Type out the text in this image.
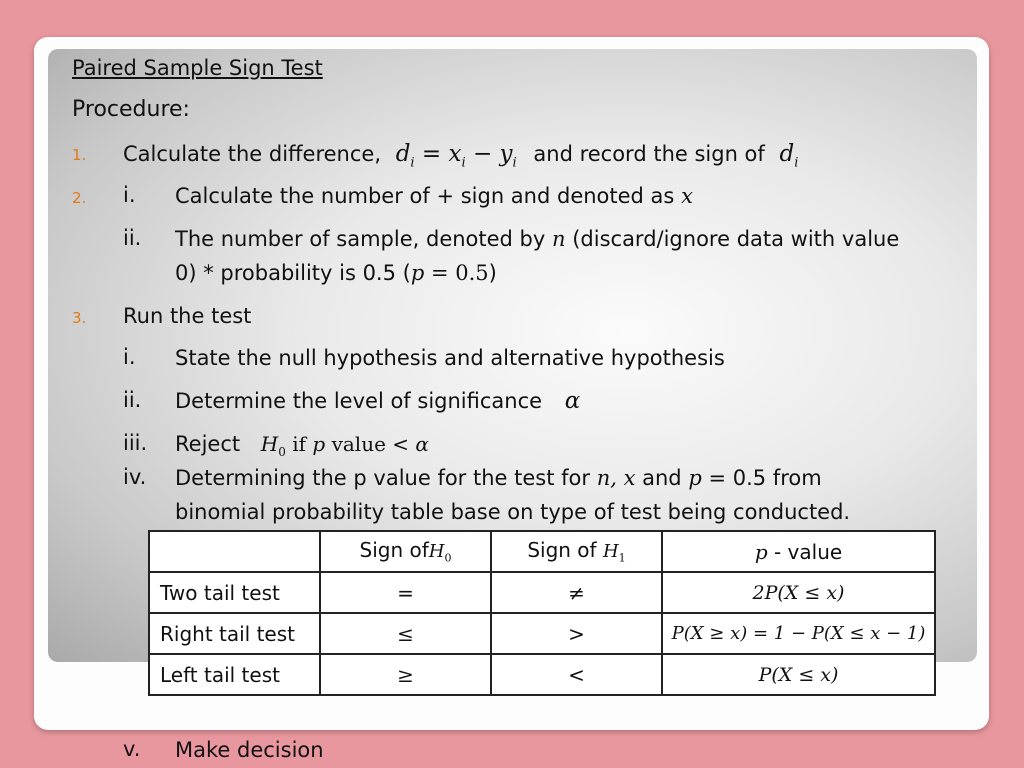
Paired Sample Sign Test
Procedure:
1. Calculate the difference, $d_i = x_i - y_i$ and record the sign of $d_i$
2. i. Calculate the number of + sign and denoted as x
ii. The number of sample, denoted by n (discard/ignore data with value
0) * probability is 0.5 (p = 0.5)
3. Run the test
i. State the null hypothesis and alternative hypothesis
ii. Determine the level of significance α
iii. Reject $H_0$ if p value < α
iv. Determining the p value for the test for n, x and p = 0.5 from
binomial probability table base on type of test being conducted.
	Sign ofH$_0$	Sign of $H_1$	p - value
Two tail test	=	≠	2P(X ≤ x)
Right tail test	≤	>	P(X ≥ x) = 1 − P(X ≤ x − 1)
Left tail test	≥	<	P(X ≤ x)
v. Make decision
